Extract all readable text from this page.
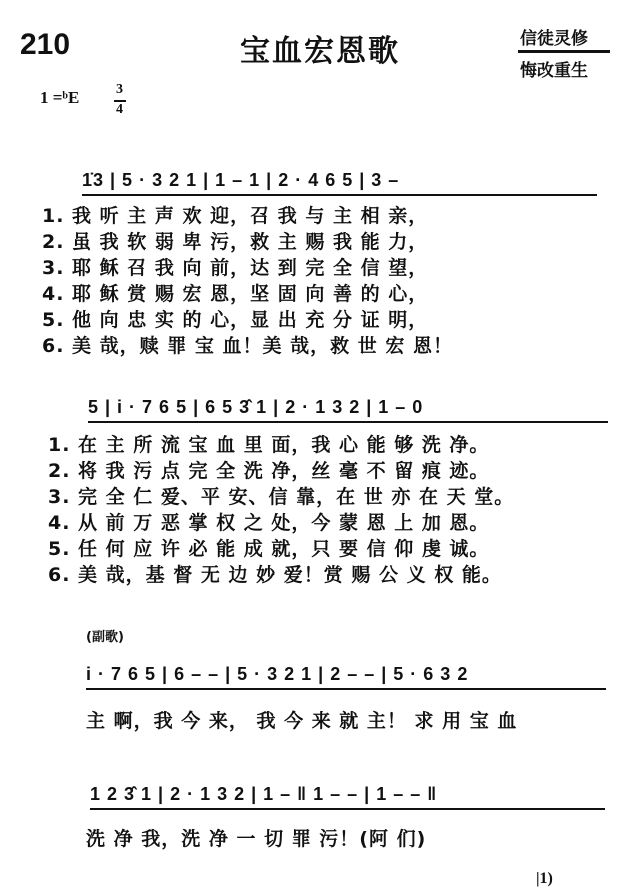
210	宝血宏恩歌	信徒灵修
悔改重生
1 =ᵇE	3
4
1̇3 | 5 · 3 2 1 | 1 – 1 | 2 · 4 6 5 | 3 –
1. 我 听 主 声 欢 迎，召 我 与 主 相 亲，
2. 虽 我 软 弱 卑 污，救 主 赐 我 能 力，
3. 耶 稣 召 我 向 前，达 到 完 全 信 望，
4. 耶 稣 赏 赐 宏 恩，坚 固 向 善 的 心，
5. 他 向 忠 实 的 心，显 出 充 分 证 明，
6. 美 哉，赎 罪 宝 血！美 哉，救 世 宏 恩！
5 | i · 7 6 5 | 6 5 3̂ 1 | 2 · 1 3 2 | 1 – 0
1. 在 主 所 流 宝 血 里 面，我 心 能 够 洗 净。
2. 将 我 污 点 完 全 洗 净，丝 毫 不 留 痕 迹。
3. 完 全 仁 爱、平 安、信 靠，在 世 亦 在 天 堂。
4. 从 前 万 恶 掌 权 之 处，今 蒙 恩 上 加 恩。
5. 任 何 应 许 必 能 成 就，只 要 信 仰 虔 诚。
6. 美 哉，基 督 无 边 妙 爱！赏 赐 公 义 权 能。
(副歌)
i · 7 6 5 | 6 – – | 5 · 3 2 1 | 2 – – | 5 · 6 3 2
主 啊，我 今 来， 我 今 来 就 主！ 求 用 宝 血
1 2 3̂ 1 | 2 · 1 3 2 | 1 – ‖ 1 – – | 1 – – ‖
洗 净 我，洗 净 一 切 罪 污！(阿 们)
|1)
